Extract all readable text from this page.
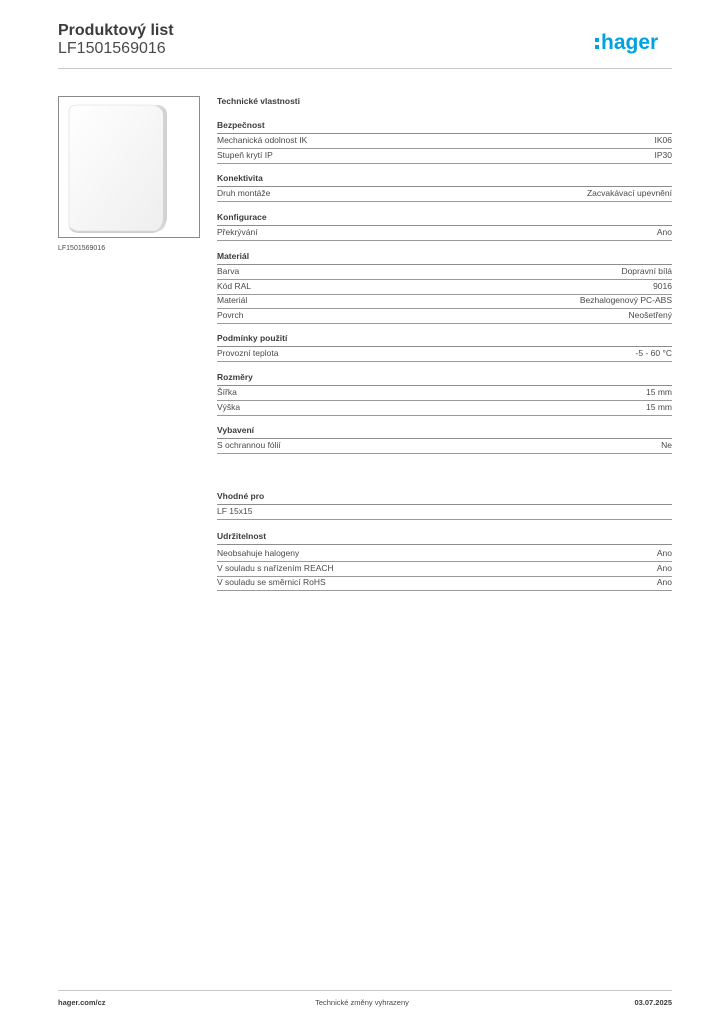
Produktový list
LF1501569016	hager
LF1501569016
Technické vlastnosti
Bezpečnost
Mechanická odolnost IK	IK06
Stupeň krytí IP	IP30
Konektivita
Druh montáže	Zacvakávací upevnění
Konfigurace
Překrývání	Ano
Materiál
Barva	Dopravní bílá
Kód RAL	9016
Materiál	Bezhalogenový PC-ABS
Povrch	Neošetřený
Podmínky použití
Provozní teplota	-5 - 60 °C
Rozměry
Šířka	15 mm
Výška	15 mm
Vybavení
S ochrannou fólií	Ne
Vhodné pro
LF 15x15
Udržitelnost
Neobsahuje halogeny	Ano
V souladu s nařízením REACH	Ano
V souladu se směrnicí RoHS	Ano
hager.com/cz	Technické změny vyhrazeny	03.07.2025
